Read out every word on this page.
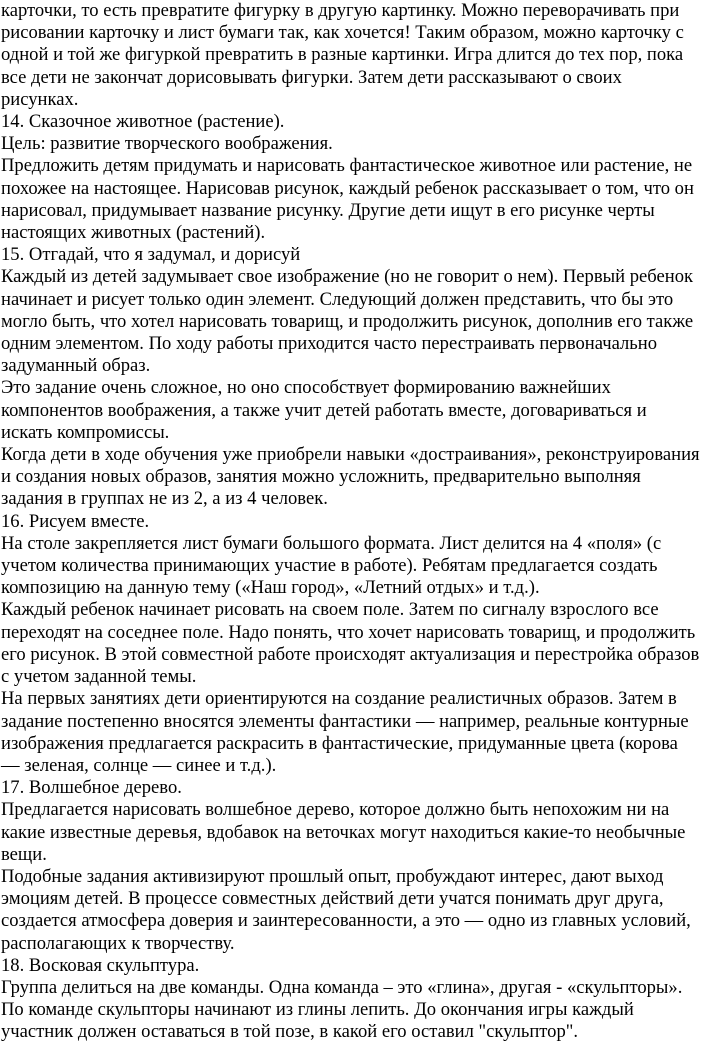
карточки, то есть превратите фигурку в другую картинку. Можно переворачивать при рисовании карточку и лист бумаги так, как хочется! Таким образом, можно карточку с одной и той же фигуркой превратить в разные картинки. Игра длится до тех пор, пока все дети не закончат дорисовывать фигурки. Затем дети рассказывают о своих рисунках.

14. Сказочное животное (растение).

Цель: развитие творческого воображения.

Предложить детям придумать и нарисовать фантастическое животное или растение, не похожее на настоящее. Нарисовав рисунок, каждый ребенок рассказывает о том, что он нарисовал, придумывает название рисунку. Другие дети ищут в его рисунке черты настоящих животных (растений).

15. Отгадай, что я задумал, и дорисуй

Каждый из детей задумывает свое изображение (но не говорит о нем). Первый ребенок начинает и рисует только один элемент. Следующий должен представить, что бы это могло быть, что хотел нарисовать товарищ, и продолжить рисунок, дополнив его также одним элементом. По ходу работы приходится часто перестраивать первоначально задуманный образ.

Это задание очень сложное, но оно способствует формированию важнейших компонентов воображения, а также учит детей работать вместе, договариваться и искать компромиссы.

Когда дети в ходе обучения уже приобрели навыки «достраивания», реконструирования и создания новых образов, занятия можно усложнить, предварительно выполняя задания в группах не из 2, а из 4 человек.

16. Рисуем вместе.

На столе закрепляется лист бумаги большого формата. Лист делится на 4 «поля» (с учетом количества принимающих участие в работе). Ребятам предлагается создать композицию на данную тему («Наш город», «Летний отдых» и т.д.).

Каждый ребенок начинает рисовать на своем поле. Затем по сигналу взрослого все переходят на соседнее поле. Надо понять, что хочет нарисовать товарищ, и продолжить его рисунок. В этой совместной работе происходят актуализация и перестройка образов с учетом заданной темы.

На первых занятиях дети ориентируются на создание реалистичных образов. Затем в задание постепенно вносятся элементы фантастики — например, реальные контурные изображения предлагается раскрасить в фантастические, придуманные цвета (корова — зеленая, солнце — синее и т.д.).

17. Волшебное дерево.

Предлагается нарисовать волшебное дерево, которое должно быть непохожим ни на какие известные деревья, вдобавок на веточках могут находиться какие-то необычные вещи.

Подобные задания активизируют прошлый опыт, пробуждают интерес, дают выход эмоциям детей. В процессе совместных действий дети учатся понимать друг друга, создается атмосфера доверия и заинтересованности, а это — одно из главных условий, располагающих к творчеству.

18. Восковая скульптура.

Группа делиться на две команды. Одна команда – это «глина», другая - «скульпторы». По команде скульпторы начинают из глины лепить. До окончания игры каждый участник должен оставаться в той позе, в какой его оставил "скульптор".
